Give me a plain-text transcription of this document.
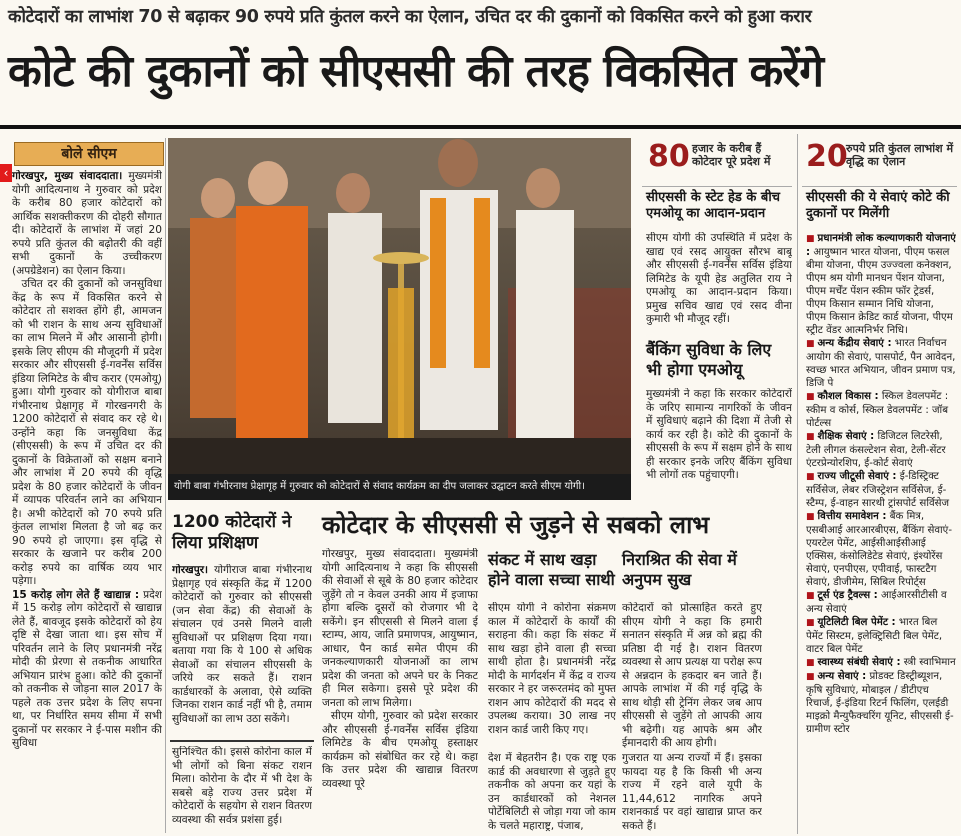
‹
कोटेदारों का लाभांश 70 से बढ़ाकर 90 रुपये प्रति कुंतल करने का ऐलान, उचित दर की दुकानों को विकसित करने को हुआ करार
कोटे की दुकानों को सीएससी की तरह विकसित करेंगे
बोले सीएम
गोरखपुर, मुख्य संवाददाता। मुख्यमंत्री योगी आदित्यनाथ ने गुरुवार को प्रदेश के करीब 80 हजार कोटेदारों को आर्थिक सशक्तीकरण की दोहरी सौगात दी। कोटेदारों के लाभांश में जहां 20 रुपये प्रति कुंतल की बढ़ोतरी की वहीं सभी दुकानों के उच्चीकरण (अपग्रेडेशन) का ऐलान किया।
उचित दर की दुकानों को जनसुविधा केंद्र के रूप में विकसित करने से कोटेदार तो सशक्त होंगे ही, आमजन को भी राशन के साथ अन्य सुविधाओं का लाभ मिलने में और आसानी होगी। इसके लिए सीएम की मौजूदगी में प्रदेश सरकार और सीएससी ई-गवर्नेंस सर्विस इंडिया लिमिटेड के बीच करार (एमओयू) हुआ। योगी गुरुवार को योगीराज बाबा गंभीरनाथ प्रेक्षागृह में गोरखनगरी के 1200 कोटेदारों से संवाद कर रहे थे। उन्होंने कहा कि जनसुविधा केंद्र (सीएससी) के रूप में उचित दर की दुकानों के विक्रेताओं को सक्षम बनाने और लाभांश में 20 रुपये की वृद्धि प्रदेश के 80 हजार कोटेदारों के जीवन में व्यापक परिवर्तन लाने का अभियान है। अभी कोटेदारों को 70 रुपये प्रति कुंतल लाभांश मिलता है जो बढ़ कर 90 रुपये हो जाएगा। इस वृद्धि से सरकार के खजाने पर करीब 200 करोड़ रुपये का वार्षिक व्यय भार पड़ेगा।
15 करोड़ लोग लेते हैं खाद्यान्न : प्रदेश में 15 करोड़ लोग कोटेदारों से खाद्यान्न लेते हैं, बावजूद इसके कोटेदारों को हेय दृष्टि से देखा जाता था। इस सोच में परिवर्तन लाने के लिए प्रधानमंत्री नरेंद्र मोदी की प्रेरणा से तकनीक आधारित अभियान प्रारंभ हुआ। कोटे की दुकानों को तकनीक से जोड़ना साल 2017 के पहले तक उत्तर प्रदेश के लिए सपना था, पर निर्धारित समय सीमा में सभी दुकानों पर सरकार ने ई-पास मशीन की सुविधा
योगी बाबा गंभीरनाथ प्रेक्षागृह में गुरुवार को कोटेदारों से संवाद कार्यक्रम का दीप जलाकर उद्घाटन करते सीएम योगी।
1200 कोटेदारों ने लिया प्रशिक्षण
गोरखपुर। योगीराज बाबा गंभीरनाथ प्रेक्षागृह एवं संस्कृति केंद्र में 1200 कोटेदारों को गुरुवार को सीएससी (जन सेवा केंद्र) की सेवाओं के संचालन एवं उनसे मिलने वाली सुविधाओं पर प्रशिक्षण दिया गया। बताया गया कि ये 100 से अधिक सेवाओं का संचालन सीएससी के जरिये कर सकते हैं। राशन कार्डधारकों के अलावा, ऐसे व्यक्ति जिनका राशन कार्ड नहीं भी है, तमाम सुविधाओं का लाभ उठा सकेंगे।
सुनिश्चित की। इससे कोरोना काल में भी लोगों को बिना संकट राशन मिला। कोरोना के दौर में भी देश के सबसे बड़े राज्य उत्तर प्रदेश में कोटेदारों के सहयोग से राशन वितरण व्यवस्था की सर्वत्र प्रशंसा हुई।
कोटेदार के सीएससी से जुड़ने से सबको लाभ
गोरखपुर, मुख्य संवाददाता। मुख्यमंत्री योगी आदित्यनाथ ने कहा कि सीएससी की सेवाओं से सूबे के 80 हजार कोटेदार जुड़ेंगे तो न केवल उनकी आय में इजाफा होगा बल्कि दूसरों को रोजगार भी दे सकेंगे। इन सीएससी से मिलने वाला ई स्टाम्प, आय, जाति प्रमाणपत्र, आयुष्मान, आधार, पैन कार्ड समेत पीएम की जनकल्याणकारी योजनाओं का लाभ प्रदेश की जनता को अपने घर के निकट ही मिल सकेगा। इससे पूरे प्रदेश की जनता को लाभ मिलेगा।
सीएम योगी, गुरुवार को प्रदेश सरकार और सीएससी ई-गवर्नेंस सर्विस इंडिया लिमिटेड के बीच एमओयू हस्ताक्षर कार्यक्रम को संबोधित कर रहे थे। कहा कि उत्तर प्रदेश की खाद्यान्न वितरण व्यवस्था पूरे
संकट में साथ खड़ा होने वाला सच्चा साथी
सीएम योगी ने कोरोना संक्रमण काल में कोटेदारों के कार्यों की सराहना की। कहा कि संकट में साथ खड़ा होने वाला ही सच्चा साथी होता है। प्रधानमंत्री नरेंद्र मोदी के मार्गदर्शन में केंद्र व राज्य सरकार ने हर जरूरतमंद को मुफ्त राशन आप कोटेदारों की मदद से उपलब्ध कराया। 30 लाख नए राशन कार्ड जारी किए गए।
देश में बेहतरीन है। एक राष्ट्र एक कार्ड की अवधारणा से जुड़ते हुए तकनीक को अपना कर यहां के उन कार्डधारकों को नेशनल पोर्टेबिलिटी से जोड़ा गया जो काम के चलते महाराष्ट्र, पंजाब,
निराश्रित की सेवा में अनुपम सुख
कोटेदारों को प्रोत्साहित करते हुए सीएम योगी ने कहा कि हमारी सनातन संस्कृति में अन्न को ब्रह्म की प्रतिष्ठा दी गई है। राशन वितरण व्यवस्था से आप प्रत्यक्ष या परोक्ष रूप से अन्नदान के हकदार बन जाते हैं। आपके लाभांश में की गई वृद्धि के साथ थोड़ी सी ट्रेनिंग लेकर जब आप सीएससी से जुड़ेंगे तो आपकी आय भी बढ़ेगी। यह आपके श्रम और ईमानदारी की आय होगी।
गुजरात या अन्य राज्यों में हैं। इसका फायदा यह है कि किसी भी अन्य राज्य में रहने वाले यूपी के 11,44,612 नागरिक अपने राशनकार्ड पर वहां खाद्यान्न प्राप्त कर सकते हैं।
80 हजार के करीब हैं कोटेदार पूरे प्रदेश में
सीएससी के स्टेट हेड के बीच एमओयू का आदान-प्रदान
सीएम योगी की उपस्थिति में प्रदेश के खाद्य एवं रसद आयुक्त सौरभ बाबू और सीएससी ई-गवर्नेंस सर्विस इंडिया लिमिटेड के यूपी हेड अतुलित राय ने एमओयू का आदान-प्रदान किया। प्रमुख सचिव खाद्य एवं रसद वीना कुमारी भी मौजूद रहीं।
बैंकिंग सुविधा के लिए भी होगा एमओयू
मुख्यमंत्री ने कहा कि सरकार कोटेदारों के जरिए सामान्य नागरिकों के जीवन में सुविधाएं बढ़ाने की दिशा में तेजी से कार्य कर रही है। कोटे की दुकानों के सीएससी के रूप में सक्षम होने के साथ ही सरकार इनके जरिए बैंकिंग सुविधा भी लोगों तक पहुंचाएगी।
20
रुपये प्रति कुंतल लाभांश में वृद्धि का ऐलान
सीएससी की ये सेवाएं कोटे की दुकानों पर मिलेंगी
■ प्रधानमंत्री लोक कल्याणकारी योजनाएं : आयुष्मान भारत योजना, पीएम फसल बीमा योजना, पीएम उज्ज्वला कनेक्शन, पीएम श्रम योगी मानधन पेंशन योजना, पीएम मर्चेंट पेंशन स्कीम फॉर ट्रेडर्स, पीएम किसान सम्मान निधि योजना, पीएम किसान क्रेडिट कार्ड योजना, पीएम स्ट्रीट वेंडर आत्मनिर्भर निधि।
■ अन्य केंद्रीय सेवाएं : भारत निर्वाचन आयोग की सेवाएं, पासपोर्ट, पैन आवेदन, स्वच्छ भारत अभियान, जीवन प्रमाण पत्र, डिजि पे
■ कौशल विकास : स्किल डेवलपमेंट : स्कीम व कोर्स, स्किल डेवलपमेंट : जॉब पोर्टल्स
■ शैक्षिक सेवाएं : डिजिटल लिटरेसी, टेली लीगल कंसल्टेशन सेवा, टेली-सेंटर एंटरप्रेन्योरशिप, ई-कोर्ट सेवाएं
■ राज्य जीटूसी सेवाएं : ई-डिस्ट्रिक्ट सर्विसेज, लेबर रजिस्ट्रेशन सर्विसेज, ई-स्टैम्प, ई-वाहन सारथी ट्रांसपोर्ट सर्विसेज
■ वित्तीय समावेशन : बैंक मित्र, एसबीआई आरआरबीएस, बैंकिंग सेवाएं-एयरटेल पेमेंट, आईसीआईसीआई एक्सिस, कंसोलिडेटेड सेवाएं, इंश्योरेंस सेवाएं, एनपीएस, एपीवाई, फास्टटैग सेवाएं, डीजीमेम, सिबिल रिपोर्ट्स
■ टूर्स एंड ट्रैवल्स : आईआरसीटीसी व अन्य सेवाएं
■ यूटिलिटी बिल पेमेंट : भारत बिल पेमेंट सिस्टम, इलेक्ट्रिसिटी बिल पेमेंट, वाटर बिल पेमेंट
■ स्वास्थ्य संबंधी सेवाएं : स्त्री स्वाभिमान
■ अन्य सेवाएं : प्रोडक्ट डिस्ट्रीब्यूशन, कृषि सुविधाएं, मोबाइल / डीटीएच रिचार्ज, ई-इंडिया रिटर्न फिलिंग, एलईडी माइक्रो मैन्युफैक्चरिंग यूनिट, सीएससी ई-ग्रामीण स्टोर
